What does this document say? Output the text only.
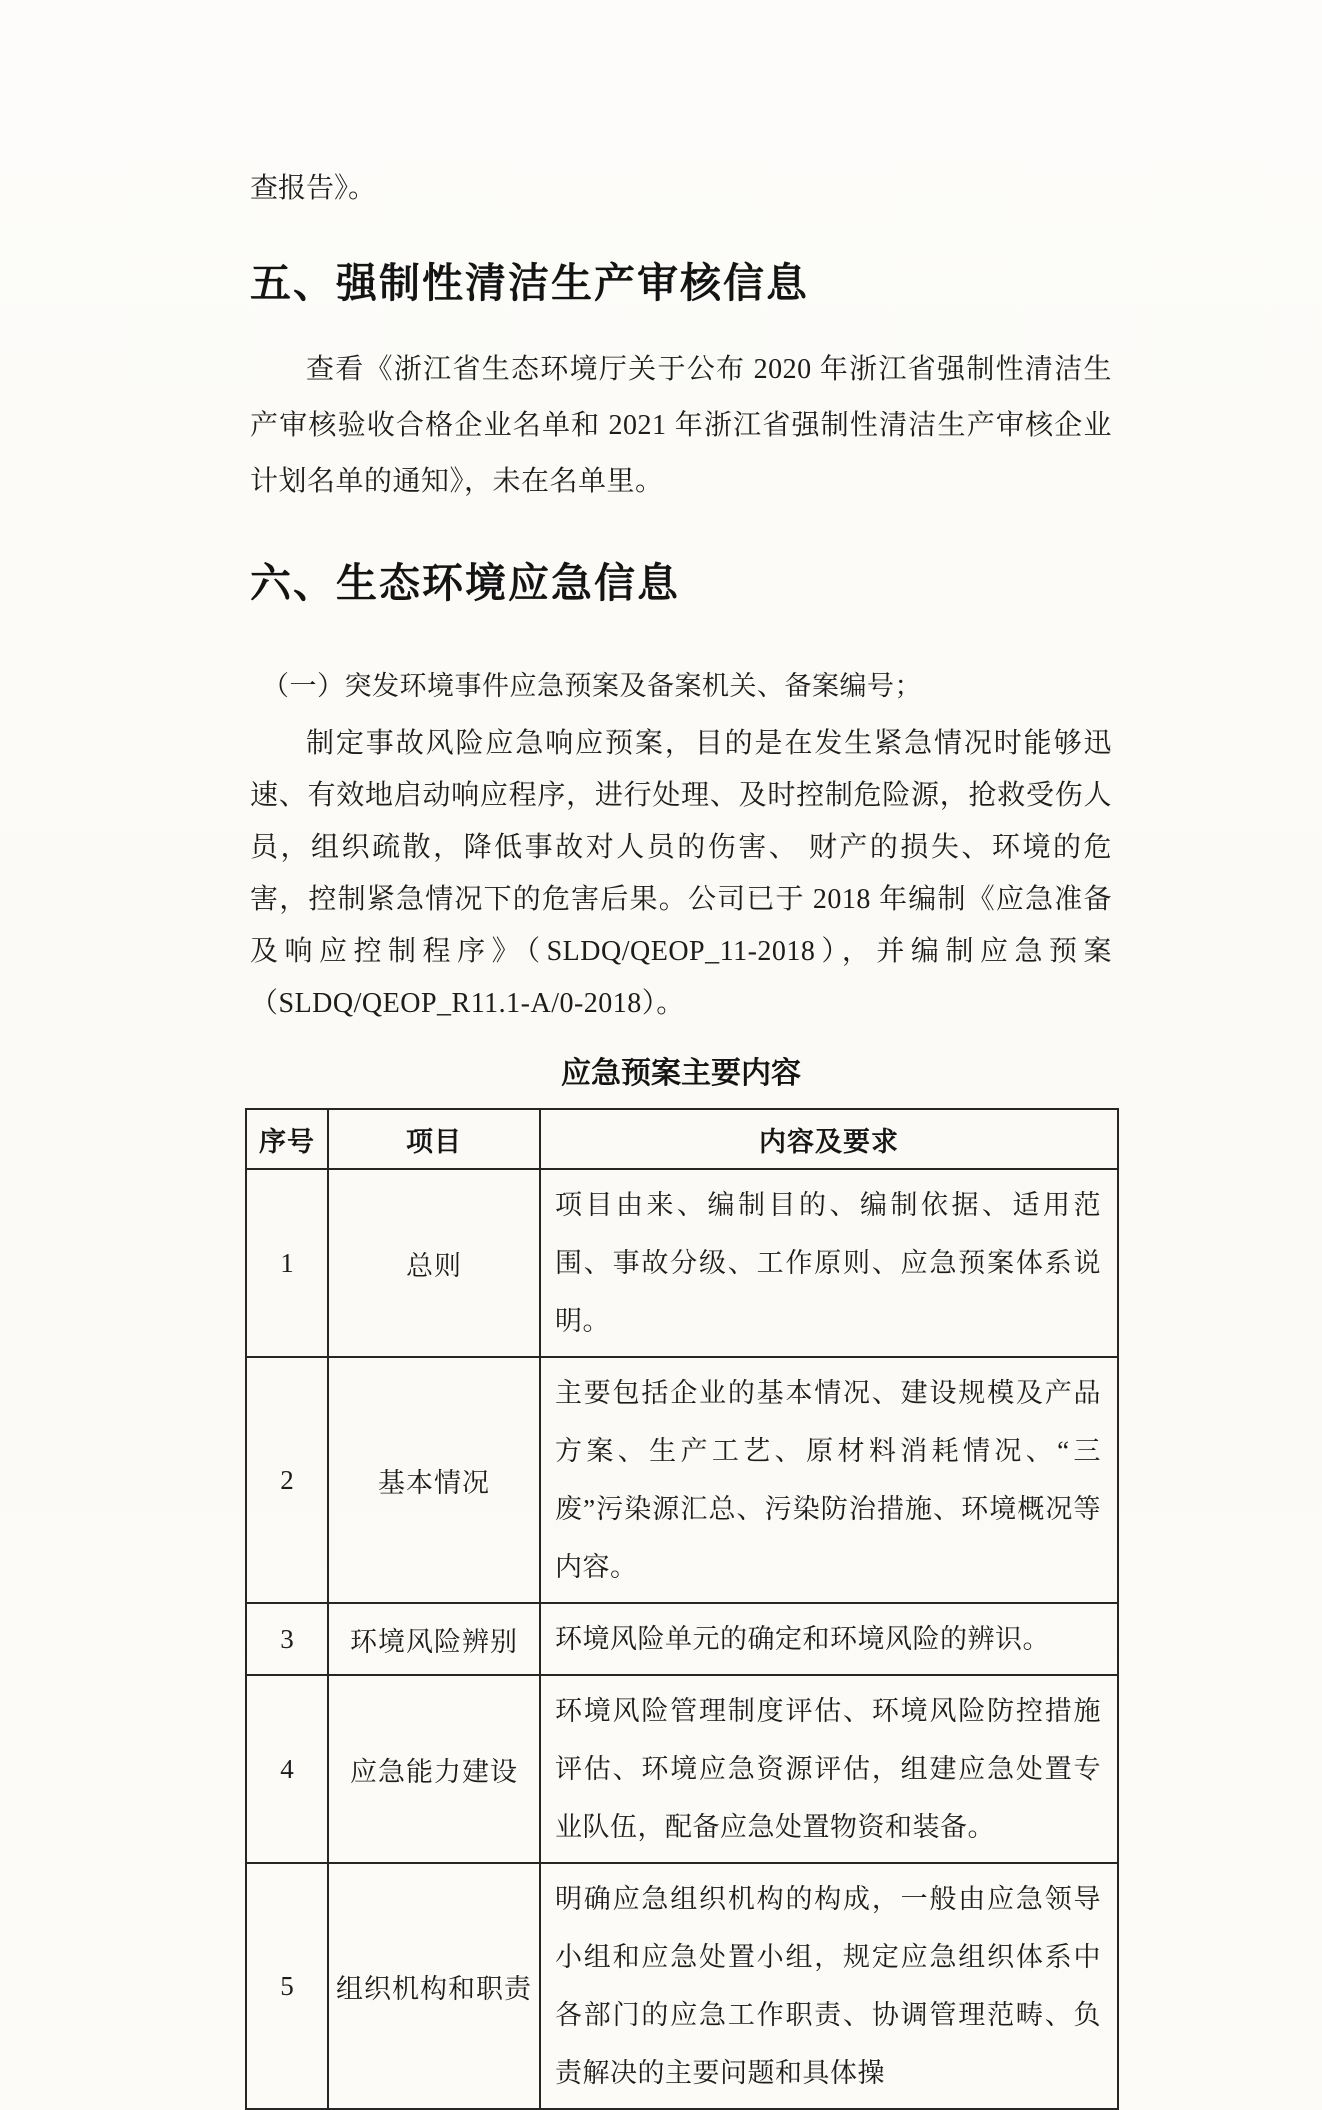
查报告》。

五、强制性清洁生产审核信息

查看《浙江省生态环境厅关于公布 2020 年浙江省强制性清洁生产审核验收合格企业名单和 2021 年浙江省强制性清洁生产审核企业计划名单的通知》，未在名单里。

六、生态环境应急信息

（一）突发环境事件应急预案及备案机关、备案编号；

制定事故风险应急响应预案，目的是在发生紧急情况时能够迅速、有效地启动响应程序，进行处理、及时控制危险源，抢救受伤人员，组织疏散，降低事故对人员的伤害、 财产的损失、环境的危害，控制紧急情况下的危害后果。公司已于 2018 年编制《应急准备及响应控制程序》（SLDQ/QEOP_11-2018），并编制应急预案（SLDQ/QEOP_R11.1-A/0-2018）。

应急预案主要内容
序号	项目	内容及要求
1	总则	项目由来、编制目的、编制依据、适用范围、事故分级、工作原则、应急预案体系说明。
2	基本情况	主要包括企业的基本情况、建设规模及产品方案、生产工艺、原材料消耗情况、“三废”污染源汇总、污染防治措施、环境概况等内容。
3	环境风险辨别	环境风险单元的确定和环境风险的辨识。
4	应急能力建设	环境风险管理制度评估、环境风险防控措施评估、环境应急资源评估，组建应急处置专业队伍，配备应急处置物资和装备。
5	组织机构和职责	明确应急组织机构的构成，一般由应急领导小组和应急处置小组，规定应急组织体系中各部门的应急工作职责、协调管理范畴、负责解决的主要问题和具体操
